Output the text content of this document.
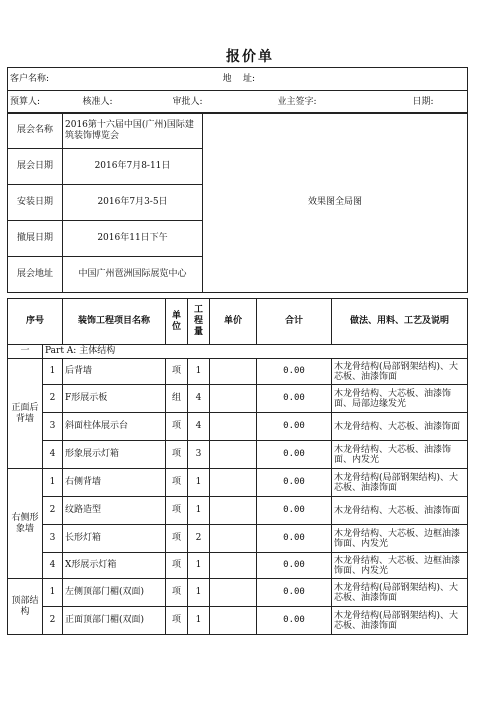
报价单
客户名称:			地    址:		
预算人:	核准人:	审批人:		业主签字:	日期:
展会名称	2016第十六届中国(广州)国际建筑装饰博览会	效果图全局图
展会日期	2016年7月8-11日	
安装日期	2016年7月3-5日	
撤展日期	2016年11日下午	
展会地址	中国广州琶洲国际展览中心	
序号		装饰工程项目名称	单位	工程量	单价	合计	做法、用料、工艺及说明
一	Part A: 主体结构						
正面后背墙	1	后背墙	项	1		0.00	木龙骨结构(局部钢架结构)、大芯板、油漆饰面
	2	F形展示板	组	4		0.00	木龙骨结构、大芯板、油漆饰面、局部边缘发光
	3	斜面柱体展示台	项	4		0.00	木龙骨结构、大芯板、油漆饰面
	4	形象展示灯箱	项	3		0.00	木龙骨结构、大芯板、油漆饰面、内发光
右侧形象墙	1	右侧背墙	项	1		0.00	木龙骨结构(局部钢架结构)、大芯板、油漆饰面
	2	纹路造型	项	1		0.00	木龙骨结构、大芯板、油漆饰面
	3	长形灯箱	项	2		0.00	木龙骨结构、大芯板、边框油漆饰面、内发光
	4	X形展示灯箱	项	1		0.00	木龙骨结构、大芯板、边框油漆饰面、内发光
顶部结构	1	左侧顶部门楣(双面)	项	1		0.00	木龙骨结构(局部钢架结构)、大芯板、油漆饰面
	2	正面顶部门楣(双面)	项	1		0.00	木龙骨结构(局部钢架结构)、大芯板、油漆饰面
